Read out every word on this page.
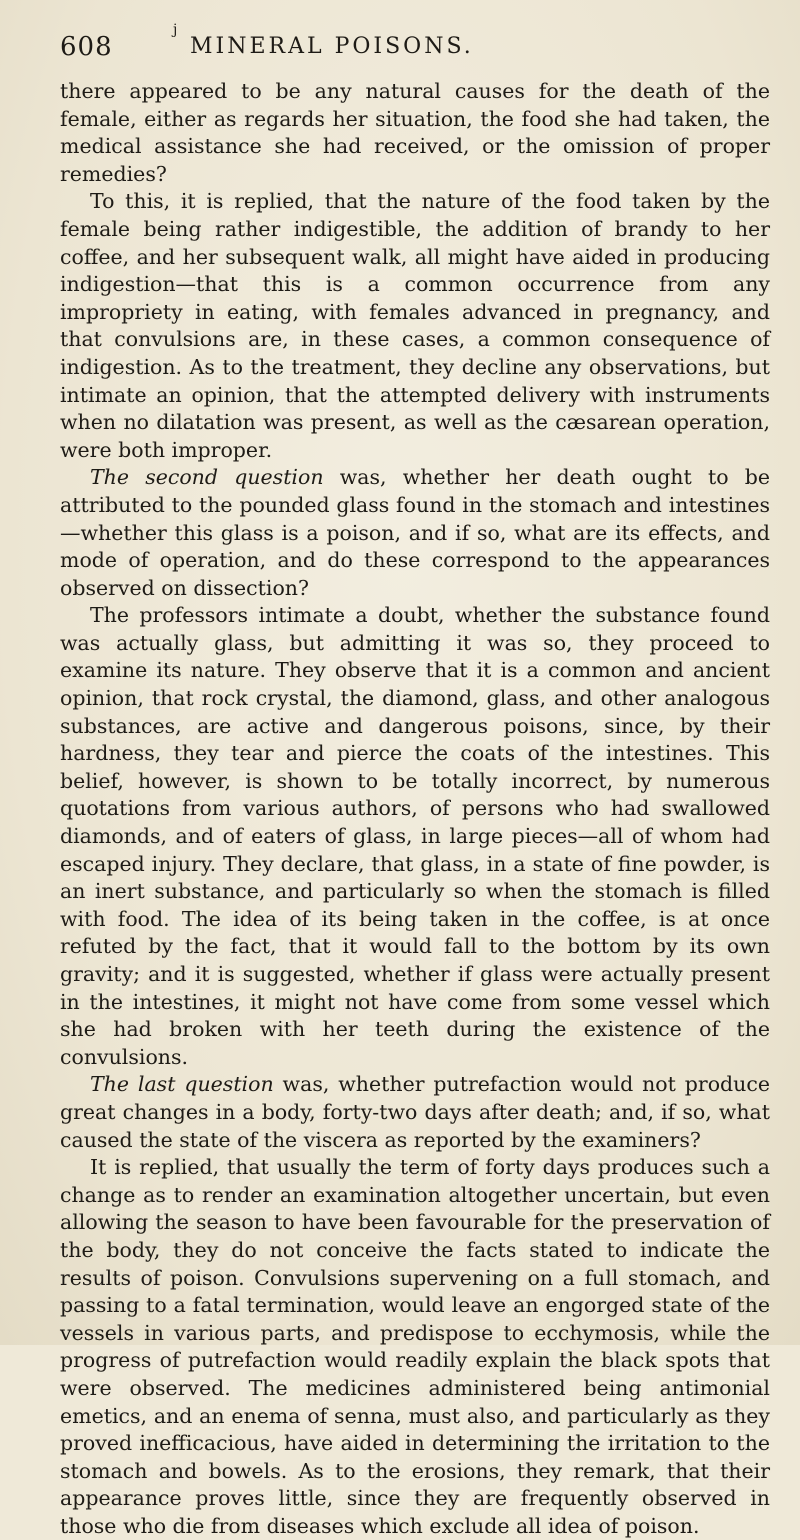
j
608	MINERAL POISONS.

there appeared to be any natural causes for the death of the female, either as regards her situation, the food she had taken, the medical assistance she had received, or the omission of proper remedies?

To this, it is replied, that the nature of the food taken by the female being rather indigestible, the addition of brandy to her coffee, and her subsequent walk, all might have aided in producing indigestion—that this is a common occurrence from any impropriety in eating, with females advanced in pregnancy, and that convulsions are, in these cases, a common consequence of indigestion. As to the treatment, they decline any observations, but intimate an opinion, that the attempted delivery with instruments when no dilatation was present, as well as the cæsarean operation, were both improper.

The second question was, whether her death ought to be attributed to the pounded glass found in the stomach and intestines—whether this glass is a poison, and if so, what are its effects, and mode of operation, and do these correspond to the appearances observed on dissection?

The professors intimate a doubt, whether the substance found was actually glass, but admitting it was so, they proceed to examine its nature. They observe that it is a common and ancient opinion, that rock crystal, the diamond, glass, and other analogous substances, are active and dangerous poisons, since, by their hardness, they tear and pierce the coats of the intestines. This belief, however, is shown to be totally incorrect, by numerous quotations from various authors, of persons who had swallowed diamonds, and of eaters of glass, in large pieces—all of whom had escaped injury. They declare, that glass, in a state of fine powder, is an inert substance, and particularly so when the stomach is filled with food. The idea of its being taken in the coffee, is at once refuted by the fact, that it would fall to the bottom by its own gravity; and it is suggested, whether if glass were actually present in the intestines, it might not have come from some vessel which she had broken with her teeth during the existence of the convulsions.

The last question was, whether putrefaction would not produce great changes in a body, forty-two days after death; and, if so, what caused the state of the viscera as reported by the examiners?

It is replied, that usually the term of forty days produces such a change as to render an examination altogether uncertain, but even allowing the season to have been favourable for the preservation of the body, they do not conceive the facts stated to indicate the results of poison. Convulsions supervening on a full stomach, and passing to a fatal termination, would leave an engorged state of the vessels in various parts, and predispose to ecchymosis, while the progress of putrefaction would readily explain the black spots that were observed. The medicines administered being antimonial emetics, and an enema of senna, must also, and particularly as they proved inefficacious, have aided in determining the irritation to the stomach and bowels. As to the erosions, they remark, that their appearance proves little, since they are frequently observed in those who die from diseases which exclude all idea of poison.
